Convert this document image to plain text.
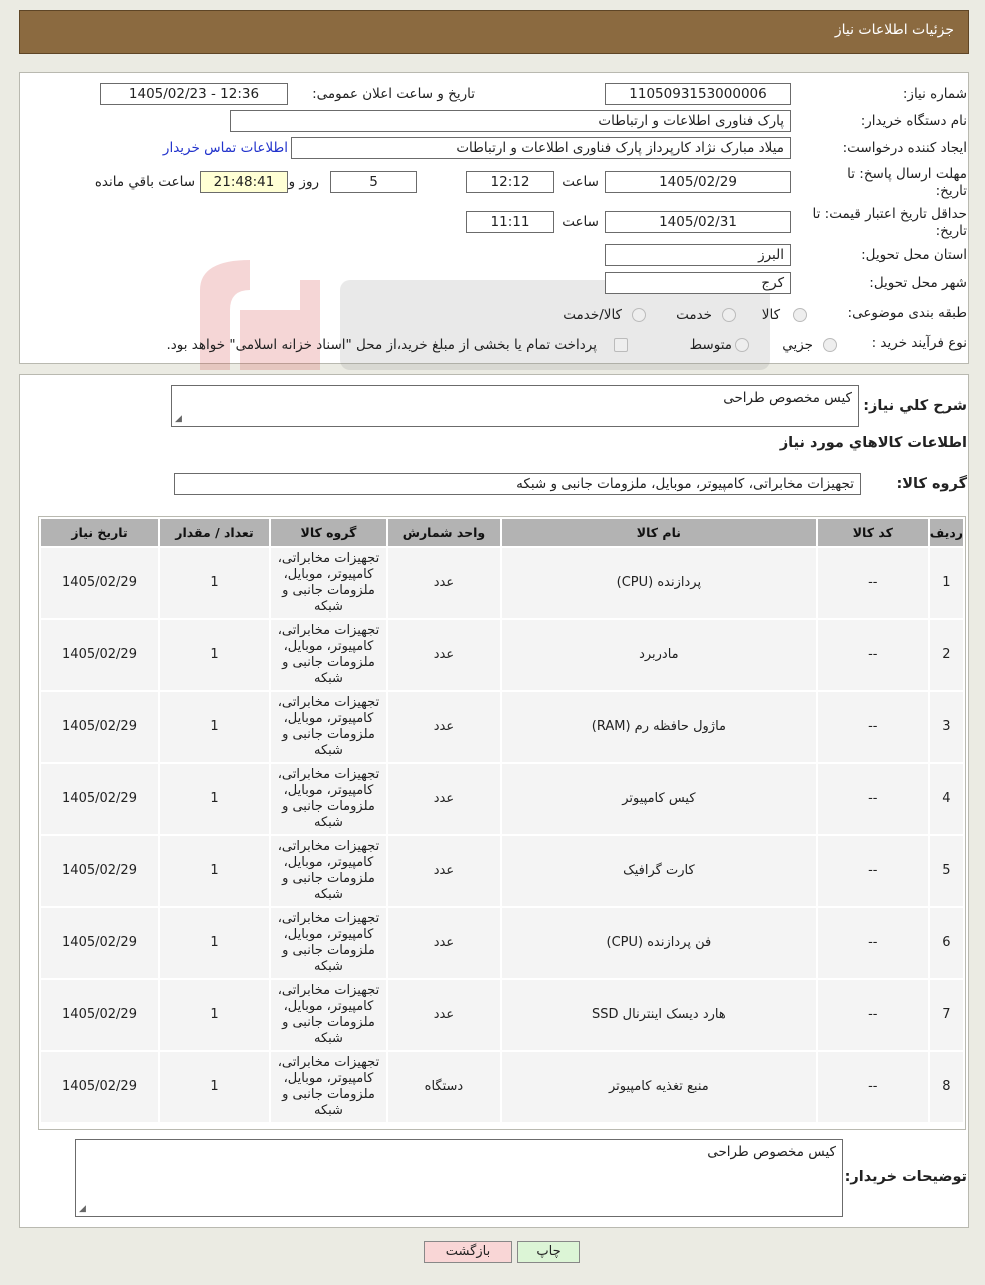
جزئیات اطلاعات نیاز
شماره نیاز:
1105093153000006
تاریخ و ساعت اعلان عمومی:
1405/02/23 - 12:36
نام دستگاه خریدار:
پارک فناوری اطلاعات و ارتباطات
ایجاد کننده درخواست:
میلاد مبارک نژاد کارپرداز پارک فناوری اطلاعات و ارتباطات
اطلاعات تماس خریدار
مهلت ارسال پاسخ: تا
تاریخ:
1405/02/29
ساعت
12:12
5
روز و
21:48:41
ساعت باقي مانده
حداقل تاریخ اعتبار قیمت: تا
تاریخ:
1405/02/31
ساعت
11:11
استان محل تحویل:
البرز
شهر محل تحویل:
کرج
طبقه بندی موضوعی:
کالا
خدمت
کالا/خدمت
نوع فرآیند خرید :
جزیي
متوسط
پرداخت تمام یا بخشی از مبلغ خرید،از محل "اسناد خزانه اسلامی" خواهد بود.
شرح کلي نياز:
کیس مخصوص طراحی
◢
اطلاعات کالاهاي مورد نياز
گروه کالا:
تجهیزات مخابراتی، کامپیوتر، موبایل، ملزومات جانبی و شبکه
رديف	کد کالا	نام کالا	واحد شمارش	گروه کالا	تعداد / مقدار	تاریخ نیاز
1	--	پردازنده (CPU)	عدد	تجهیزات مخابراتی، کامپیوتر، موبایل، ملزومات جانبی و شبکه	1	1405/02/29
2	--	مادربرد	عدد	تجهیزات مخابراتی، کامپیوتر، موبایل، ملزومات جانبی و شبکه	1	1405/02/29
3	--	ماژول حافظه رم (RAM)	عدد	تجهیزات مخابراتی، کامپیوتر، موبایل، ملزومات جانبی و شبکه	1	1405/02/29
4	--	کیس کامپیوتر	عدد	تجهیزات مخابراتی، کامپیوتر، موبایل، ملزومات جانبی و شبکه	1	1405/02/29
5	--	کارت گرافیک	عدد	تجهیزات مخابراتی، کامپیوتر، موبایل، ملزومات جانبی و شبکه	1	1405/02/29
6	--	فن پردازنده (CPU)	عدد	تجهیزات مخابراتی، کامپیوتر، موبایل، ملزومات جانبی و شبکه	1	1405/02/29
7	--	هارد دیسک اینترنال SSD	عدد	تجهیزات مخابراتی، کامپیوتر، موبایل، ملزومات جانبی و شبکه	1	1405/02/29
8	--	منبع تغذیه کامپیوتر	دستگاه	تجهیزات مخابراتی، کامپیوتر، موبایل، ملزومات جانبی و شبکه	1	1405/02/29
توضیحات خریدار:
کیس مخصوص طراحی
◢
چاپ
بازگشت
